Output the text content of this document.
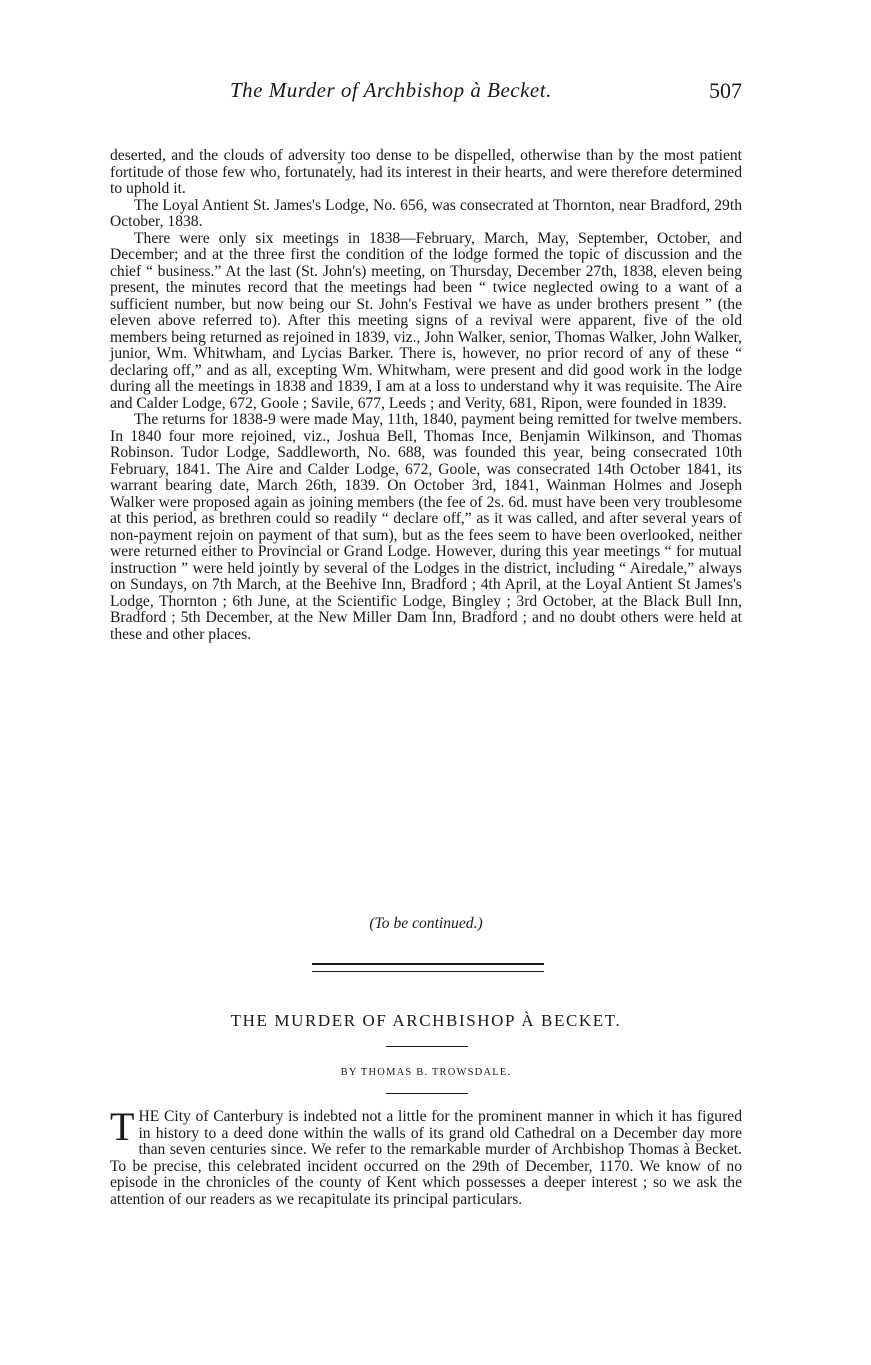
The Murder of Archbishop à Becket.	507

deserted, and the clouds of adversity too dense to be dispelled, otherwise than by the most patient fortitude of those few who, fortunately, had its interest in their hearts, and were therefore determined to uphold it.

The Loyal Antient St. James's Lodge, No. 656, was consecrated at Thornton, near Bradford, 29th October, 1838.

There were only six meetings in 1838—February, March, May, September, October, and December; and at the three first the condition of the lodge formed the topic of discussion and the chief “ business.” At the last (St. John's) meeting, on Thursday, December 27th, 1838, eleven being present, the minutes record that the meetings had been “ twice neglected owing to a want of a sufficient number, but now being our St. John's Festival we have as under brothers present ” (the eleven above referred to). After this meeting signs of a revival were apparent, five of the old members being returned as rejoined in 1839, viz., John Walker, senior, Thomas Walker, John Walker, junior, Wm. Whitwham, and Lycias Barker. There is, however, no prior record of any of these “ declaring off,” and as all, excepting Wm. Whitwham, were present and did good work in the lodge during all the meetings in 1838 and 1839, I am at a loss to understand why it was requisite. The Aire and Calder Lodge, 672, Goole ; Savile, 677, Leeds ; and Verity, 681, Ripon, were founded in 1839.

The returns for 1838-9 were made May, 11th, 1840, payment being remitted for twelve members. In 1840 four more rejoined, viz., Joshua Bell, Thomas Ince, Benjamin Wilkinson, and Thomas Robinson. Tudor Lodge, Saddleworth, No. 688, was founded this year, being consecrated 10th February, 1841. The Aire and Calder Lodge, 672, Goole, was consecrated 14th October 1841, its warrant bearing date, March 26th, 1839. On October 3rd, 1841, Wainman Holmes and Joseph Walker were proposed again as joining members (the fee of 2s. 6d. must have been very troublesome at this period, as brethren could so readily “ declare off,” as it was called, and after several years of non-payment rejoin on payment of that sum), but as the fees seem to have been overlooked, neither were returned either to Provincial or Grand Lodge. However, during this year meetings “ for mutual instruction ” were held jointly by several of the Lodges in the district, including “ Airedale,” always on Sundays, on 7th March, at the Beehive Inn, Bradford ; 4th April, at the Loyal Antient St James's Lodge, Thornton ; 6th June, at the Scientific Lodge, Bingley ; 3rd October, at the Black Bull Inn, Bradford ; 5th December, at the New Miller Dam Inn, Bradford ; and no doubt others were held at these and other places.

(To be continued.)
THE MURDER OF ARCHBISHOP À BECKET.
BY THOMAS B. TROWSDALE.

THE City of Canterbury is indebted not a little for the prominent manner in which it has figured in history to a deed done within the walls of its grand old Cathedral on a December day more than seven centuries since. We refer to the remarkable murder of Archbishop Thomas à Becket. To be precise, this celebrated incident occurred on the 29th of December, 1170. We know of no episode in the chronicles of the county of Kent which possesses a deeper interest ; so we ask the attention of our readers as we recapitulate its principal particulars.
